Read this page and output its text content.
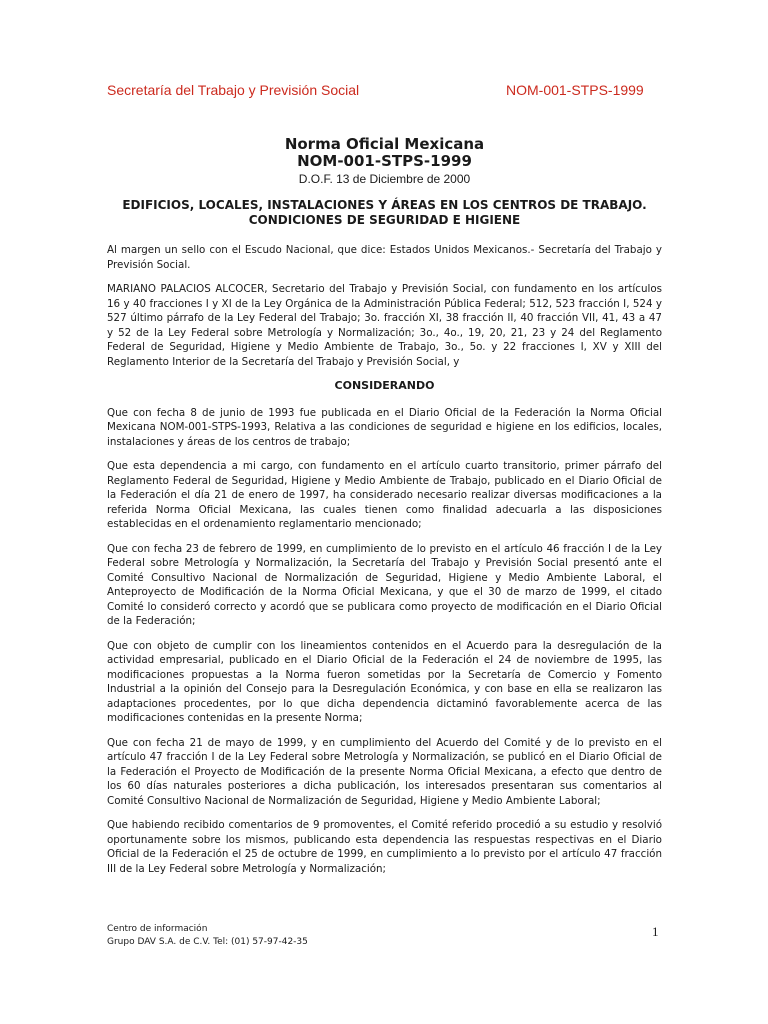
Secretaría del Trabajo y Previsión Social	NOM-001-STPS-1999
Norma Oficial Mexicana
NOM-001-STPS-1999
D.O.F. 13 de Diciembre de 2000
EDIFICIOS, LOCALES, INSTALACIONES Y ÁREAS EN LOS CENTROS DE TRABAJO.
CONDICIONES DE SEGURIDAD E HIGIENE

Al margen un sello con el Escudo Nacional, que dice: Estados Unidos Mexicanos.- Secretaría del Trabajo y Previsión Social.

MARIANO PALACIOS ALCOCER, Secretario del Trabajo y Previsión Social, con fundamento en los artículos 16 y 40 fracciones I y XI de la Ley Orgánica de la Administración Pública Federal; 512, 523 fracción I, 524 y 527 último párrafo de la Ley Federal del Trabajo; 3o. fracción XI, 38 fracción II, 40 fracción VII, 41, 43 a 47 y 52 de la Ley Federal sobre Metrología y Normalización; 3o., 4o., 19, 20, 21, 23 y 24 del Reglamento Federal de Seguridad, Higiene y Medio Ambiente de Trabajo, 3o., 5o. y 22 fracciones I, XV y XIII del Reglamento Interior de la Secretaría del Trabajo y Previsión Social, y

CONSIDERANDO

Que con fecha 8 de junio de 1993 fue publicada en el Diario Oficial de la Federación la Norma Oficial Mexicana NOM-001-STPS-1993, Relativa a las condiciones de seguridad e higiene en los edificios, locales, instalaciones y áreas de los centros de trabajo;

Que esta dependencia a mi cargo, con fundamento en el artículo cuarto transitorio, primer párrafo del Reglamento Federal de Seguridad, Higiene y Medio Ambiente de Trabajo, publicado en el Diario Oficial de la Federación el día 21 de enero de 1997, ha considerado necesario realizar diversas modificaciones a la referida Norma Oficial Mexicana, las cuales tienen como finalidad adecuarla a las disposiciones establecidas en el ordenamiento reglamentario mencionado;

Que con fecha 23 de febrero de 1999, en cumplimiento de lo previsto en el artículo 46 fracción I de la Ley Federal sobre Metrología y Normalización, la Secretaría del Trabajo y Previsión Social presentó ante el Comité Consultivo Nacional de Normalización de Seguridad, Higiene y Medio Ambiente Laboral, el Anteproyecto de Modificación de la Norma Oficial Mexicana, y que el 30 de marzo de 1999, el citado Comité lo consideró correcto y acordó que se publicara como proyecto de modificación en el Diario Oficial de la Federación;

Que con objeto de cumplir con los lineamientos contenidos en el Acuerdo para la desregulación de la actividad empresarial, publicado en el Diario Oficial de la Federación el 24 de noviembre de 1995, las modificaciones propuestas a la Norma fueron sometidas por la Secretaría de Comercio y Fomento Industrial a la opinión del Consejo para la Desregulación Económica, y con base en ella se realizaron las adaptaciones procedentes, por lo que dicha dependencia dictaminó favorablemente acerca de las modificaciones contenidas en la presente Norma;

Que con fecha 21 de mayo de 1999, y en cumplimiento del Acuerdo del Comité y de lo previsto en el artículo 47 fracción I de la Ley Federal sobre Metrología y Normalización, se publicó en el Diario Oficial de la Federación el Proyecto de Modificación de la presente Norma Oficial Mexicana, a efecto que dentro de los 60 días naturales posteriores a dicha publicación, los interesados presentaran sus comentarios al Comité Consultivo Nacional de Normalización de Seguridad, Higiene y Medio Ambiente Laboral;

Que habiendo recibido comentarios de 9 promoventes, el Comité referido procedió a su estudio y resolvió oportunamente sobre los mismos, publicando esta dependencia las respuestas respectivas en el Diario Oficial de la Federación el 25 de octubre de 1999, en cumplimiento a lo previsto por el artículo 47 fracción III de la Ley Federal sobre Metrología y Normalización;

Centro de información
Grupo DAV S.A. de C.V. Tel: (01) 57-97-42-35
1
